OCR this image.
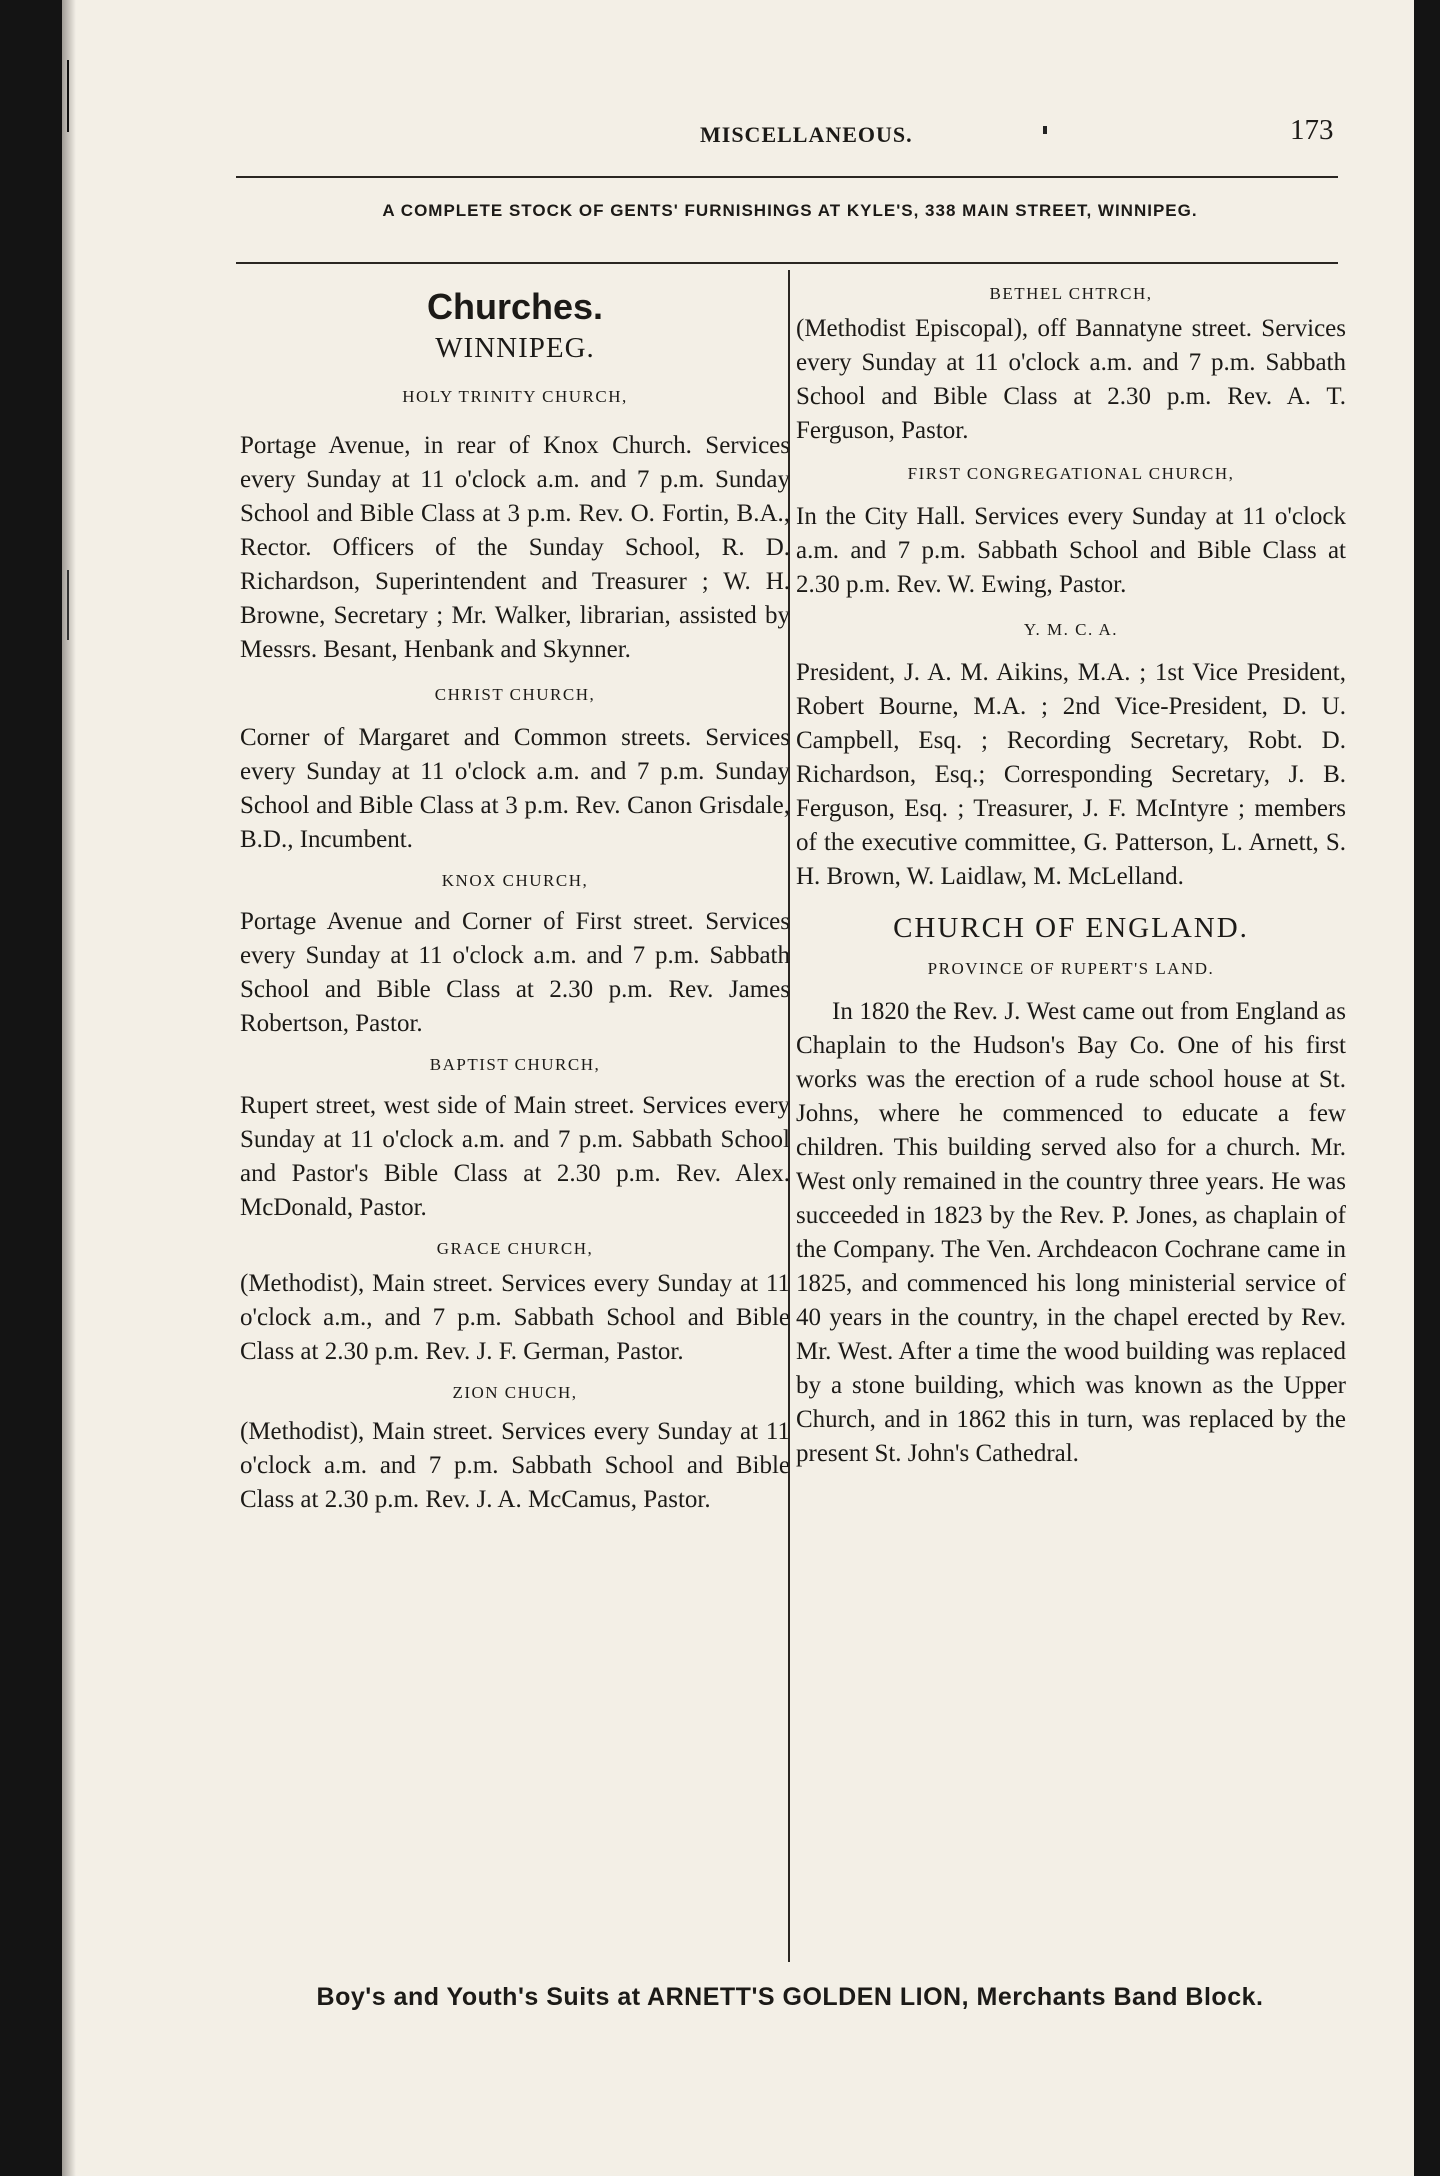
MISCELLANEOUS.	173
A COMPLETE STOCK OF GENTS' FURNISHINGS AT KYLE'S, 338 MAIN STREET, WINNIPEG.

Churches.

WINNIPEG.

HOLY TRINITY CHURCH,

Portage Avenue, in rear of Knox Church. Services every Sunday at 11 o'clock a.m. and 7 p.m. Sunday School and Bible Class at 3 p.m. Rev. O. Fortin, B.A., Rector. Officers of the Sunday School, R. D. Richardson, Superintendent and Treasurer ; W. H. Browne, Secretary ; Mr. Walker, librarian, assisted by Messrs. Besant, Henbank and Skynner.

CHRIST CHURCH,

Corner of Margaret and Common streets. Services every Sunday at 11 o'clock a.m. and 7 p.m. Sunday School and Bible Class at 3 p.m. Rev. Canon Grisdale, B.D., Incumbent.

KNOX CHURCH,

Portage Avenue and Corner of First street. Services every Sunday at 11 o'clock a.m. and 7 p.m. Sabbath School and Bible Class at 2.30 p.m. Rev. James Robertson, Pastor.

BAPTIST CHURCH,

Rupert street, west side of Main street. Services every Sunday at 11 o'clock a.m. and 7 p.m. Sabbath School and Pastor's Bible Class at 2.30 p.m. Rev. Alex. McDonald, Pastor.

GRACE CHURCH,

(Methodist), Main street. Services every Sunday at 11 o'clock a.m., and 7 p.m. Sabbath School and Bible Class at 2.30 p.m. Rev. J. F. German, Pastor.

ZION CHUCH,

(Methodist), Main street. Services every Sunday at 11 o'clock a.m. and 7 p.m. Sabbath School and Bible Class at 2.30 p.m. Rev. J. A. McCamus, Pastor.

BETHEL CHTRCH,

(Methodist Episcopal), off Bannatyne street. Services every Sunday at 11 o'clock a.m. and 7 p.m. Sabbath School and Bible Class at 2.30 p.m. Rev. A. T. Ferguson, Pastor.

FIRST CONGREGATIONAL CHURCH,

In the City Hall. Services every Sunday at 11 o'clock a.m. and 7 p.m. Sabbath School and Bible Class at 2.30 p.m. Rev. W. Ewing, Pastor.

Y. M. C. A.

President, J. A. M. Aikins, M.A. ; 1st Vice President, Robert Bourne, M.A. ; 2nd Vice-President, D. U. Campbell, Esq. ; Recording Secretary, Robt. D. Richardson, Esq.; Corresponding Secretary, J. B. Ferguson, Esq. ; Treasurer, J. F. McIntyre ; members of the executive committee, G. Patterson, L. Arnett, S. H. Brown, W. Laidlaw, M. McLelland.

CHURCH OF ENGLAND.

PROVINCE OF RUPERT'S LAND.

In 1820 the Rev. J. West came out from England as Chaplain to the Hudson's Bay Co. One of his first works was the erection of a rude school house at St. Johns, where he commenced to educate a few children. This building served also for a church. Mr. West only remained in the country three years. He was succeeded in 1823 by the Rev. P. Jones, as chaplain of the Company. The Ven. Archdeacon Cochrane came in 1825, and commenced his long ministerial service of 40 years in the country, in the chapel erected by Rev. Mr. West. After a time the wood building was replaced by a stone building, which was known as the Upper Church, and in 1862 this in turn, was replaced by the present St. John's Cathedral.

Boy's and Youth's Suits at ARNETT'S GOLDEN LION, Merchants Band Block.
